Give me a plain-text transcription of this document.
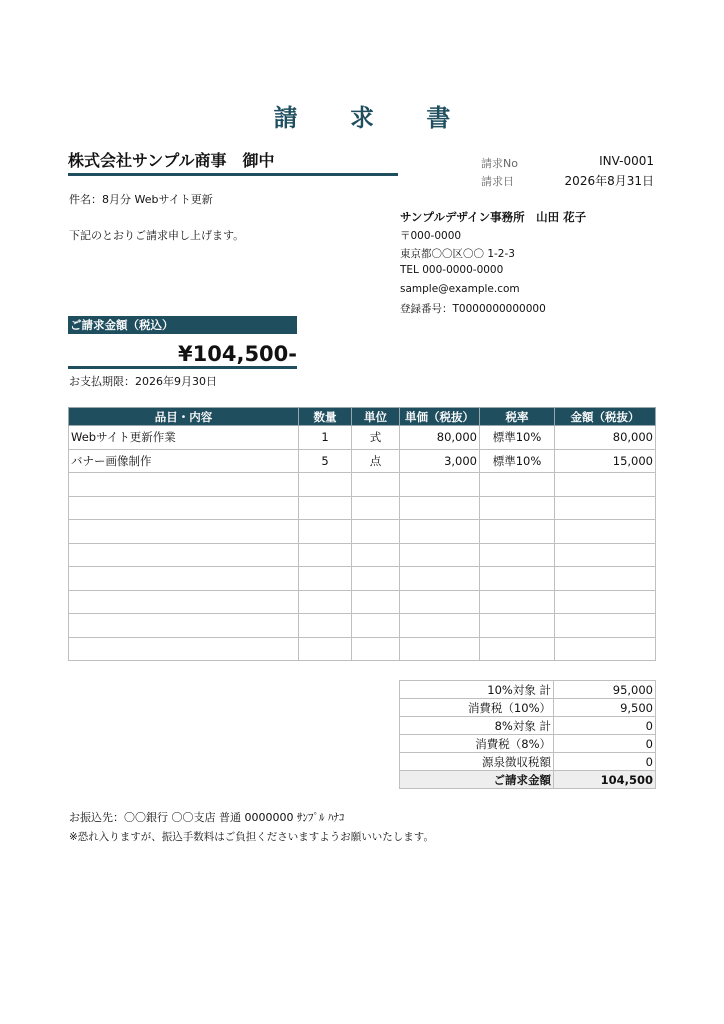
請 求 書
株式会社サンプル商事　御中	請求No	INV-0001
請求日	2026年8月31日
件名：8月分 Webサイト更新
下記のとおりご請求申し上げます。
サンプルデザイン事務所　山田 花子
〒000-0000
東京都〇〇区〇〇 1-2-3
TEL 000-0000-0000
sample@example.com
登録番号：T0000000000000
ご請求金額（税込）
¥104,500-
お支払期限：2026年9月30日
品目・内容	数量	単位	単価（税抜）	税率	金額（税抜）
Webサイト更新作業	1	式	80,000	標準10%	80,000
バナー画像制作	5	点	3,000	標準10%	15,000

10%対象 計	95,000
消費税（10%）	9,500
8%対象 計	0
消費税（8%）	0
源泉徴収税額	0
ご請求金額	104,500
お振込先：〇〇銀行 〇〇支店 普通 0000000 ｻﾝﾌﾟﾙ ﾊﾅｺ
※恐れ入りますが、振込手数料はご負担くださいますようお願いいたします。
